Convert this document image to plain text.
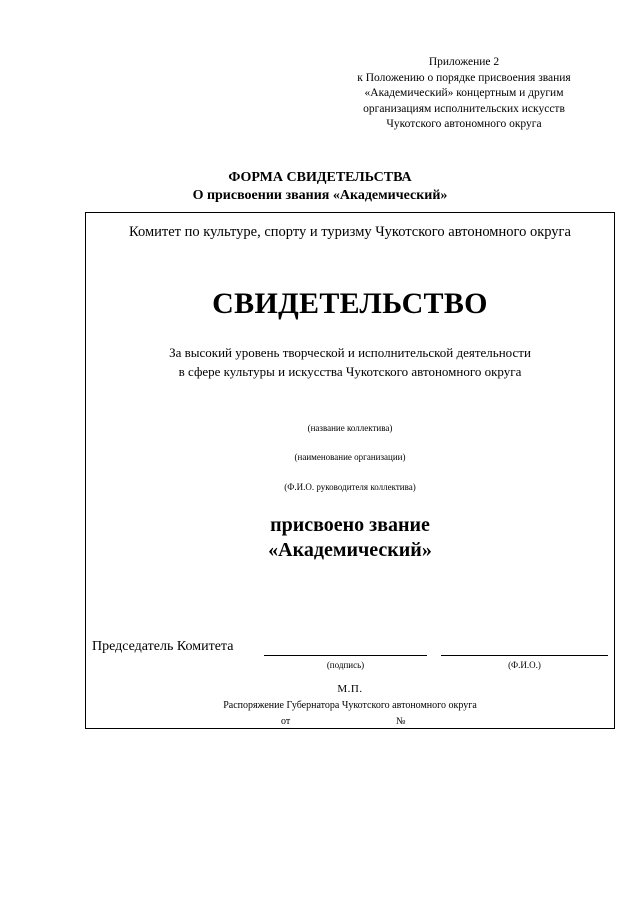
Приложение 2
к Положению о порядке присвоения звания
«Академический» концертным и другим
организациям исполнительских искусств
Чукотского автономного округа
ФОРМА СВИДЕТЕЛЬСТВА
О присвоении звания «Академический»
Комитет по культуре, спорту и туризму Чукотского автономного округа
СВИДЕТЕЛЬСТВО
За высокий уровень творческой и исполнительской деятельности
в сфере культуры и искусства Чукотского автономного округа
(название коллектива)
(наименование организации)
(Ф.И.О. руководителя коллектива)
присвоено звание
«Академический»
Председатель Комитета
(подпись)	(Ф.И.О.)
М.П.
Распоряжение Губернатора Чукотского автономного округа
от	№
